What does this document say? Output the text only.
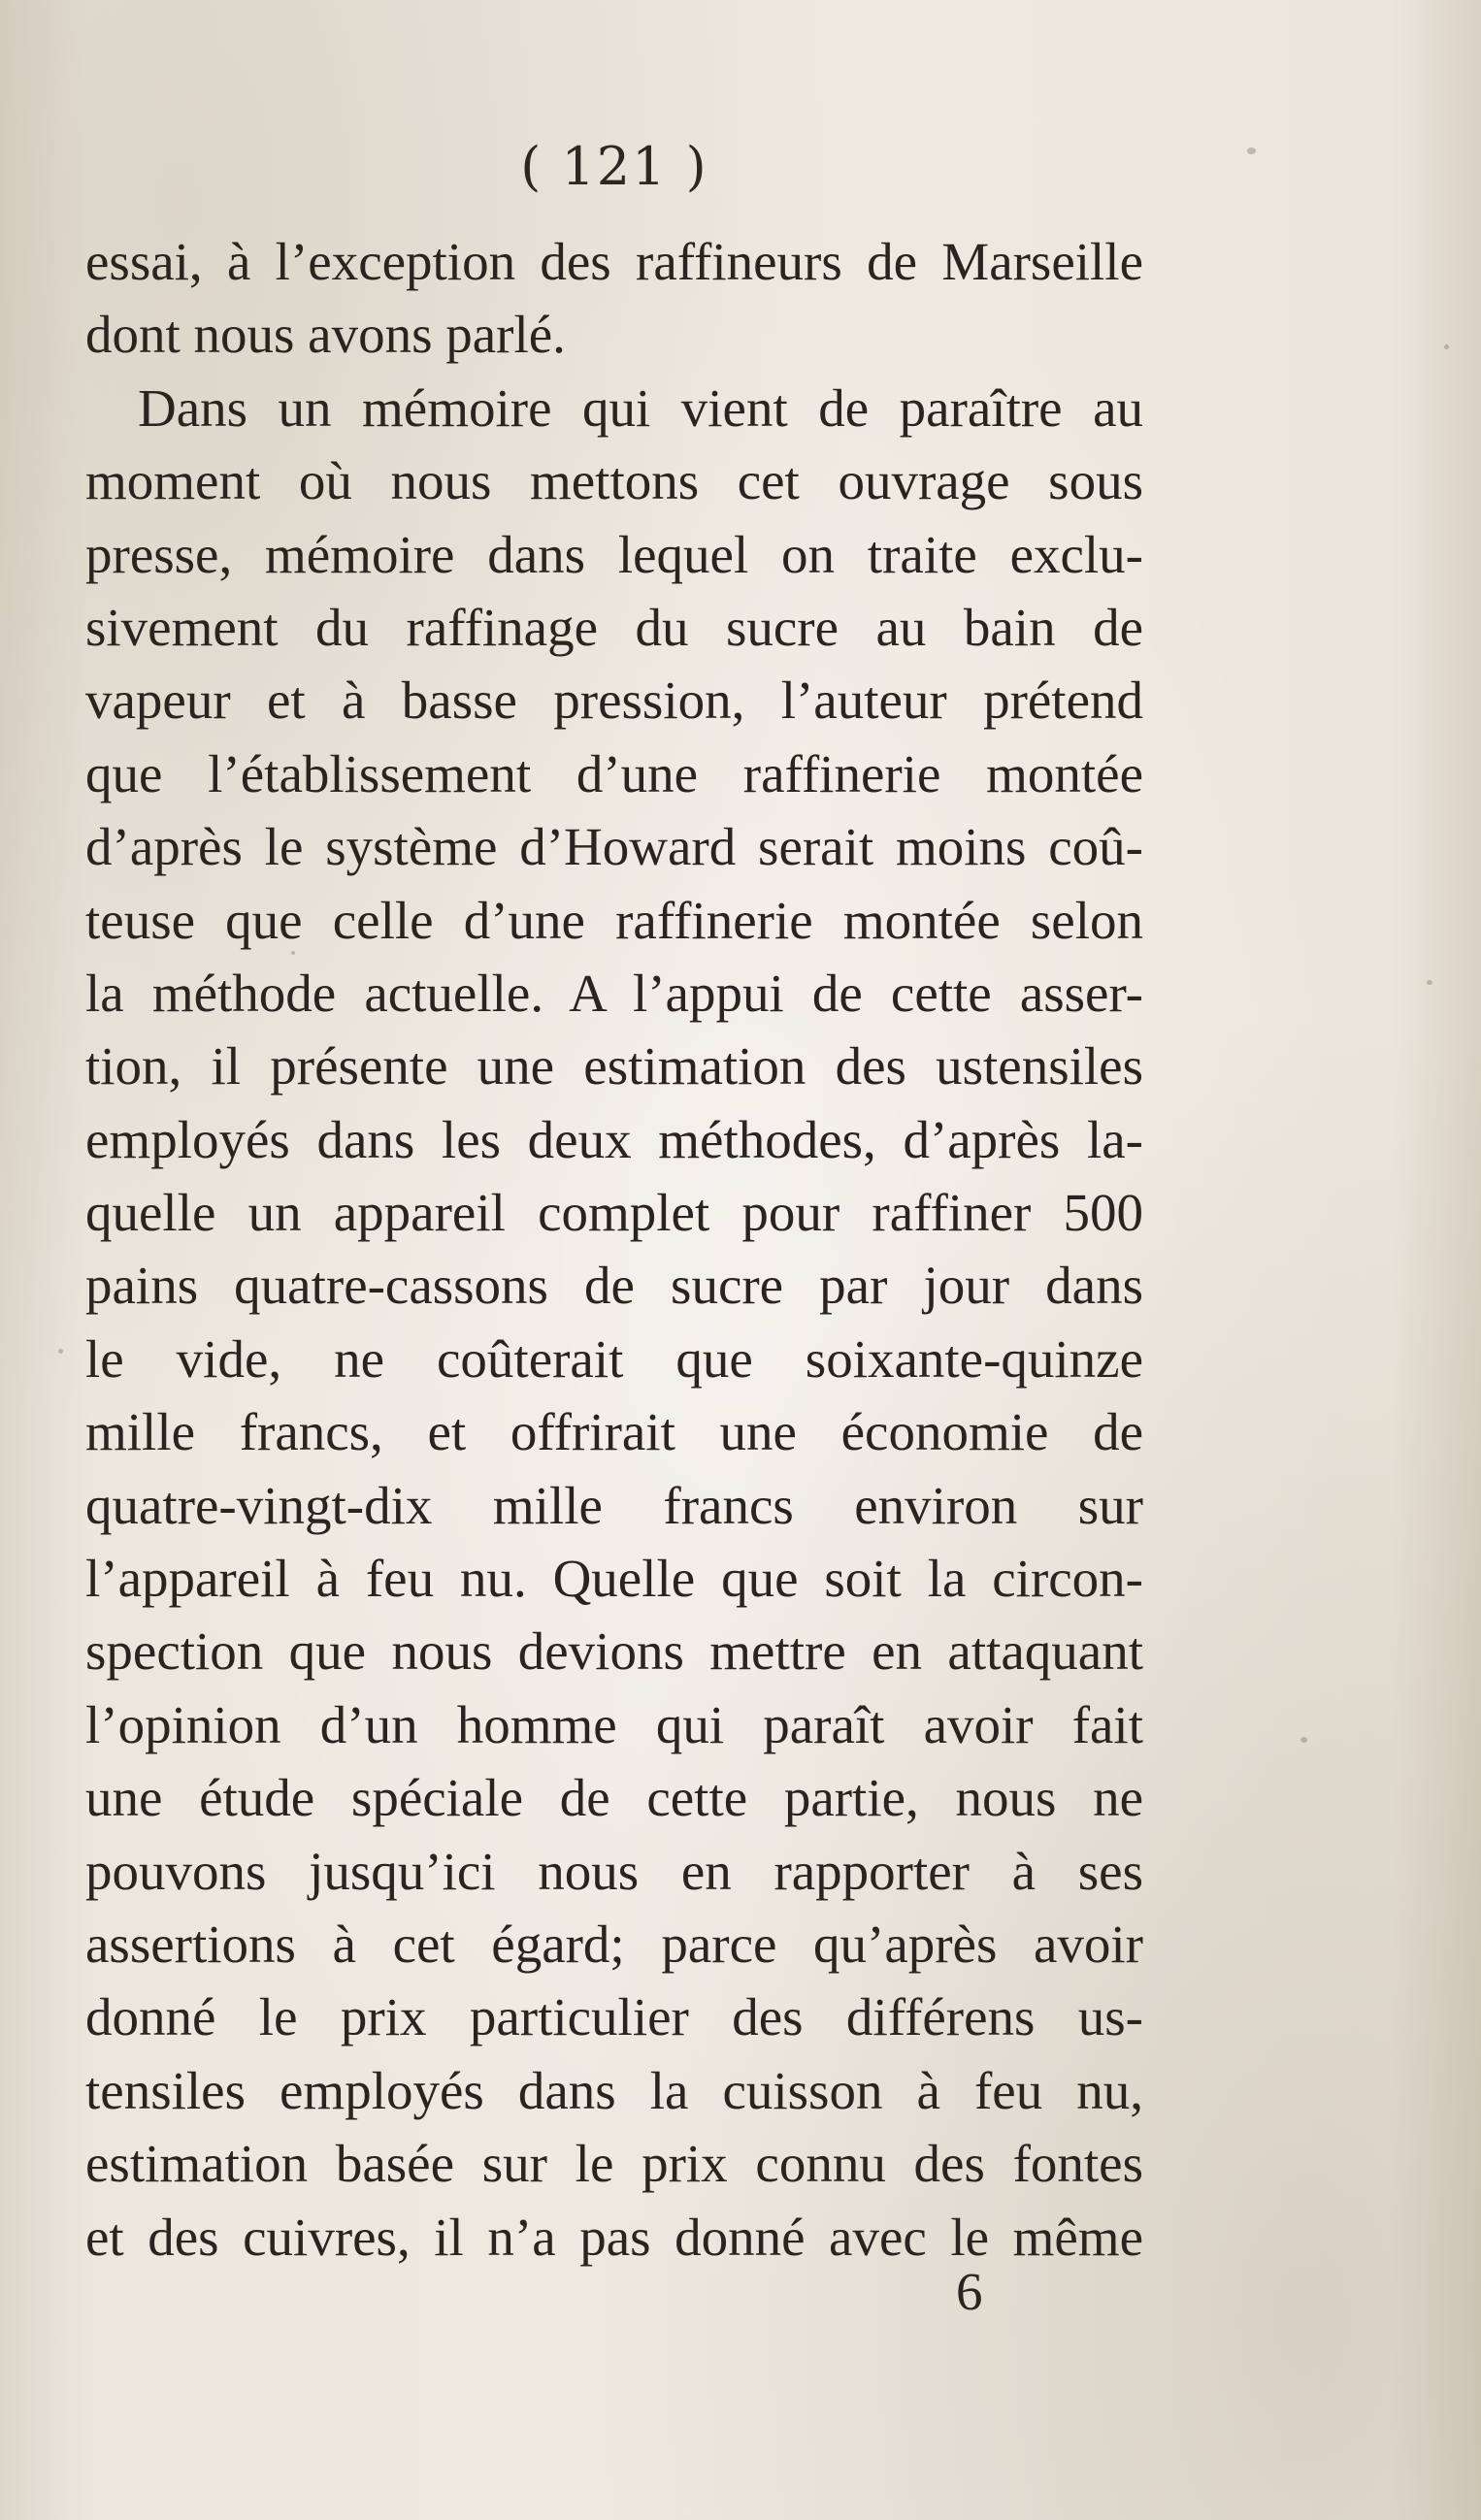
( 121 )
essai, à l’exception des raffineurs de Marseille
dont nous avons parlé.
Dans un mémoire qui vient de paraître au
moment où nous mettons cet ouvrage sous
presse, mémoire dans lequel on traite exclu-
sivement du raffinage du sucre au bain de
vapeur et à basse pression, l’auteur prétend
que l’établissement d’une raffinerie montée
d’après le système d’Howard serait moins coû-
teuse que celle d’une raffinerie montée selon
la méthode actuelle. A l’appui de cette asser-
tion, il présente une estimation des ustensiles
employés dans les deux méthodes, d’après la-
quelle un appareil complet pour raffiner 500
pains quatre-cassons de sucre par jour dans
le vide, ne coûterait que soixante-quinze
mille francs, et offrirait une économie de
quatre-vingt-dix mille francs environ sur
l’appareil à feu nu. Quelle que soit la circon-
spection que nous devions mettre en attaquant
l’opinion d’un homme qui paraît avoir fait
une étude spéciale de cette partie, nous ne
pouvons jusqu’ici nous en rapporter à ses
assertions à cet égard; parce qu’après avoir
donné le prix particulier des différens us-
tensiles employés dans la cuisson à feu nu,
estimation basée sur le prix connu des fontes
et des cuivres, il n’a pas donné avec le même
6
